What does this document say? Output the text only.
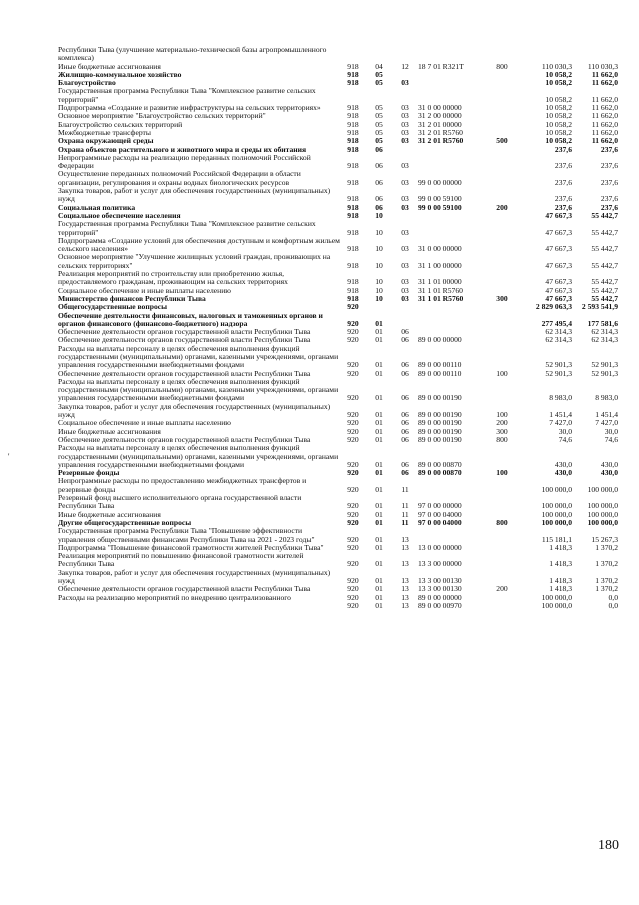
'
Республики Тыва (улучшение материально-технической базы агропромышленного комплекса)							
Иные бюджетные ассигнования	918	04	12	18 7 01 R321T	800	110 030,3	110 030,3
Жилищно-коммунальное хозяйство	918	05				10 058,2	11 662,0
Благоустройство	918	05	03			10 058,2	11 662,0
Государственная программа Республики Тыва "Комплексное развитие сельских территорий"						10 058,2	11 662,0
Подпрограмма «Создание и развитие инфраструктуры на сельских территориях»	918	05	03	31 0 00 00000		10 058,2	11 662,0
Основное мероприятие "Благоустройство сельских территорий"	918	05	03	31 2 00 00000		10 058,2	11 662,0
Благоустройство сельских территорий	918	05	03	31 2 01 00000		10 058,2	11 662,0
Межбюджетные трансферты	918	05	03	31 2 01 R5760		10 058,2	11 662,0
Охрана окружающей среды	918	05	03	31 2 01 R5760	500	10 058,2	11 662,0
Охрана объектов растительного и животного мира и среды их обитания	918	06				237,6	237,6
Непрограммные расходы на реализацию переданных полномочий Российской Федерации	918	06	03			237,6	237,6
Осуществление переданных полномочий Российской Федерации в области организации, регулирования и охраны водных биологических ресурсов	918	06	03	99 0 00 00000		237,6	237,6
Закупка товаров, работ и услуг для обеспечения государственных (муниципальных) нужд	918	06	03	99 0 00 59100		237,6	237,6
Социальная политика	918	06	03	99 0 00 59100	200	237,6	237,6
Социальное обеспечение населения	918	10				47 667,3	55 442,7
Государственная программа Республики Тыва "Комплексное развитие сельских территорий"	918	10	03			47 667,3	55 442,7
Подпрограмма «Создание условий для обеспечения доступным и комфортным жильем сельского населения»	918	10	03	31 0 00 00000		47 667,3	55 442,7
Основное мероприятие "Улучшение жилищных условий граждан, проживающих на сельских территориях"	918	10	03	31 1 00 00000		47 667,3	55 442,7
Реализация мероприятий по строительству или приобретению жилья, предоставляемого гражданам, проживающим на сельских территориях	918	10	03	31 1 01 00000		47 667,3	55 442,7
Социальное обеспечение и иные выплаты населению	918	10	03	31 1 01 R5760		47 667,3	55 442,7
Министерство финансов Республики Тыва	918	10	03	31 1 01 R5760	300	47 667,3	55 442,7
Общегосударственные вопросы	920					2 829 063,3	2 593 541,9
Обеспечение деятельности финансовых, налоговых и таможенных органов и органов финансового (финансово-бюджетного) надзора	920	01				277 495,4	177 581,6
Обеспечение деятельности органов государственной власти Республики Тыва	920	01	06			62 314,3	62 314,3
Обеспечение деятельности органов государственной власти Республики Тыва	920	01	06	89 0 00 00000		62 314,3	62 314,3
Расходы на выплаты персоналу в целях обеспечения выполнения функций государственными (муниципальными) органами, казенными учреждениями, органами управления государственными внебюджетными фондами	920	01	06	89 0 00 00110		52 901,3	52 901,3
Обеспечение деятельности органов государственной власти Республики Тыва	920	01	06	89 0 00 00110	100	52 901,3	52 901,3
Расходы на выплаты персоналу в целях обеспечения выполнения функций государственными (муниципальными) органами, казенными учреждениями, органами управления государственными внебюджетными фондами	920	01	06	89 0 00 00190		8 983,0	8 983,0
Закупка товаров, работ и услуг для обеспечения государственных (муниципальных) нужд	920	01	06	89 0 00 00190	100	1 451,4	1 451,4
Социальное обеспечение и иные выплаты населению	920	01	06	89 0 00 00190	200	7 427,0	7 427,0
Иные бюджетные ассигнования	920	01	06	89 0 00 00190	300	30,0	30,0
Обеспечение деятельности органов государственной власти Республики Тыва	920	01	06	89 0 00 00190	800	74,6	74,6
Расходы на выплаты персоналу в целях обеспечения выполнения функций государственными (муниципальными) органами, казенными учреждениями, органами управления государственными внебюджетными фондами	920	01	06	89 0 00 00870		430,0	430,0
Резервные фонды	920	01	06	89 0 00 00870	100	430,0	430,0
Непрограммные расходы по предоставлению межбюджетных трансфертов и резервные фонды	920	01	11			100 000,0	100 000,0
Резервный фонд высшего исполнительного органа государственной власти Республики Тыва	920	01	11	97 0 00 00000		100 000,0	100 000,0
Иные бюджетные ассигнования	920	01	11	97 0 00 04000		100 000,0	100 000,0
Другие общегосударственные вопросы	920	01	11	97 0 00 04000	800	100 000,0	100 000,0
Государственная программа Республики Тыва "Повышение эффективности управления общественными финансами Республики Тыва на 2021 - 2023 годы"	920	01	13			115 181,1	15 267,3
Подпрограмма "Повышение финансовой грамотности жителей Республики Тыва"	920	01	13	13 0 00 00000		1 418,3	1 370,2
Реализация мероприятий по повышению финансовой грамотности жителей Республики Тыва	920	01	13	13 3 00 00000		1 418,3	1 370,2
Закупка товаров, работ и услуг для обеспечения государственных (муниципальных) нужд	920	01	13	13 3 00 00130		1 418,3	1 370,2
Обеспечение деятельности органов государственной власти Республики Тыва	920	01	13	13 3 00 00130	200	1 418,3	1 370,2
Расходы на реализацию мероприятий по внедрению централизованного	920	01	13	89 0 00 00000		100 000,0	0,0
	920	01	13	89 0 00 00970		100 000,0	0,0
180
